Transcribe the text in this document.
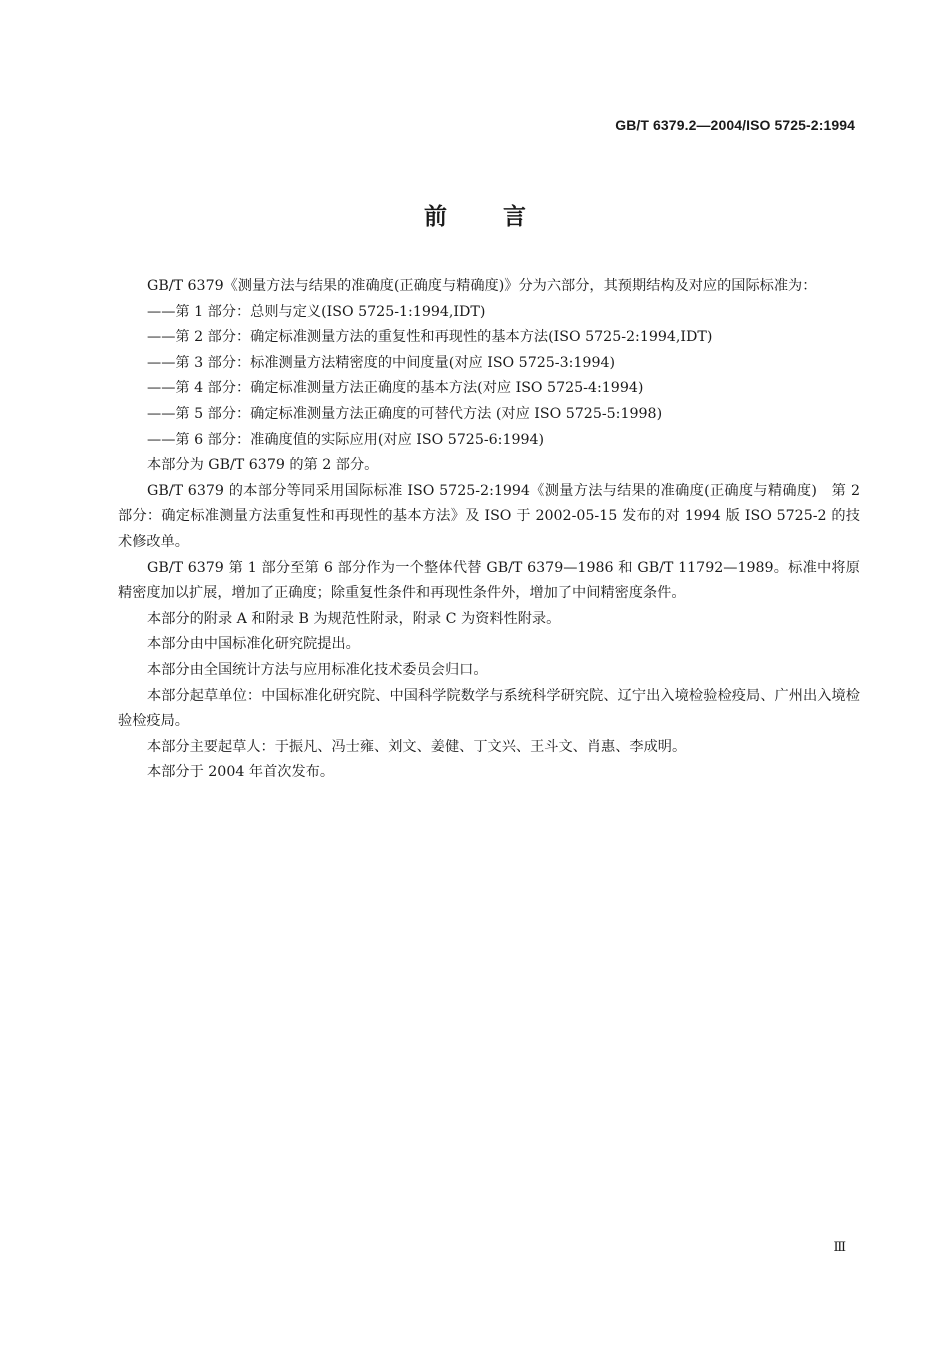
GB/T 6379.2—2004/ISO 5725-2:1994
前言

GB/T 6379《测量方法与结果的准确度(正确度与精确度)》分为六部分，其预期结构及对应的国际标准为：

——第 1 部分：总则与定义(ISO 5725-1:1994,IDT)

——第 2 部分：确定标准测量方法的重复性和再现性的基本方法(ISO 5725-2:1994,IDT)

——第 3 部分：标准测量方法精密度的中间度量(对应 ISO 5725-3:1994)

——第 4 部分：确定标准测量方法正确度的基本方法(对应 ISO 5725-4:1994)

——第 5 部分：确定标准测量方法正确度的可替代方法 (对应 ISO 5725-5:1998)

——第 6 部分：准确度值的实际应用(对应 ISO 5725-6:1994)

本部分为 GB/T 6379 的第 2 部分。

GB/T 6379 的本部分等同采用国际标准 ISO 5725-2:1994《测量方法与结果的准确度(正确度与精确度)　第 2 部分：确定标准测量方法重复性和再现性的基本方法》及 ISO 于 2002-05-15 发布的对 1994 版 ISO 5725-2 的技术修改单。

GB/T 6379 第 1 部分至第 6 部分作为一个整体代替 GB/T 6379—1986 和 GB/T 11792—1989。标准中将原精密度加以扩展，增加了正确度；除重复性条件和再现性条件外，增加了中间精密度条件。

本部分的附录 A 和附录 B 为规范性附录，附录 C 为资料性附录。

本部分由中国标准化研究院提出。

本部分由全国统计方法与应用标准化技术委员会归口。

本部分起草单位：中国标准化研究院、中国科学院数学与系统科学研究院、辽宁出入境检验检疫局、广州出入境检验检疫局。

本部分主要起草人：于振凡、冯士雍、刘文、姜健、丁文兴、王斗文、肖惠、李成明。

本部分于 2004 年首次发布。

Ⅲ
